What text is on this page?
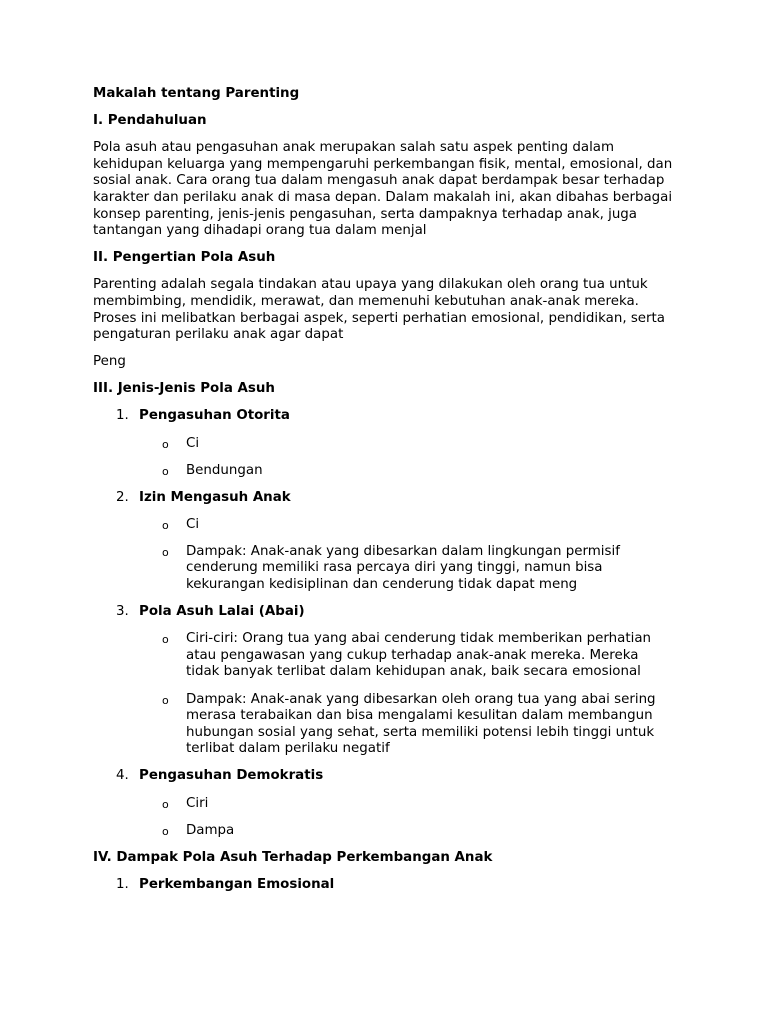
Makalah tentang Parenting
I. Pendahuluan
Pola asuh atau pengasuhan anak merupakan salah satu aspek penting dalam kehidupan keluarga yang mempengaruhi perkembangan fisik, mental, emosional, dan sosial anak. Cara orang tua dalam mengasuh anak dapat berdampak besar terhadap karakter dan perilaku anak di masa depan. Dalam makalah ini, akan dibahas berbagai konsep parenting, jenis-jenis pengasuhan, serta dampaknya terhadap anak, juga tantangan yang dihadapi orang tua dalam menjal
II. Pengertian Pola Asuh
Parenting adalah segala tindakan atau upaya yang dilakukan oleh orang tua untuk membimbing, mendidik, merawat, dan memenuhi kebutuhan anak-anak mereka. Proses ini melibatkan berbagai aspek, seperti perhatian emosional, pendidikan, serta pengaturan perilaku anak agar dapat
Peng
III. Jenis-Jenis Pola Asuh
1. Pengasuhan Otorita
o Ci
o Bendungan
2. Izin Mengasuh Anak
o Ci
o Dampak: Anak-anak yang dibesarkan dalam lingkungan permisif cenderung memiliki rasa percaya diri yang tinggi, namun bisa kekurangan kedisiplinan dan cenderung tidak dapat meng
3. Pola Asuh Lalai (Abai)
o Ciri-ciri: Orang tua yang abai cenderung tidak memberikan perhatian atau pengawasan yang cukup terhadap anak-anak mereka. Mereka tidak banyak terlibat dalam kehidupan anak, baik secara emosional
o Dampak: Anak-anak yang dibesarkan oleh orang tua yang abai sering merasa terabaikan dan bisa mengalami kesulitan dalam membangun hubungan sosial yang sehat, serta memiliki potensi lebih tinggi untuk terlibat dalam perilaku negatif
4. Pengasuhan Demokratis
o Ciri
o Dampa
IV. Dampak Pola Asuh Terhadap Perkembangan Anak
1. Perkembangan Emosional
